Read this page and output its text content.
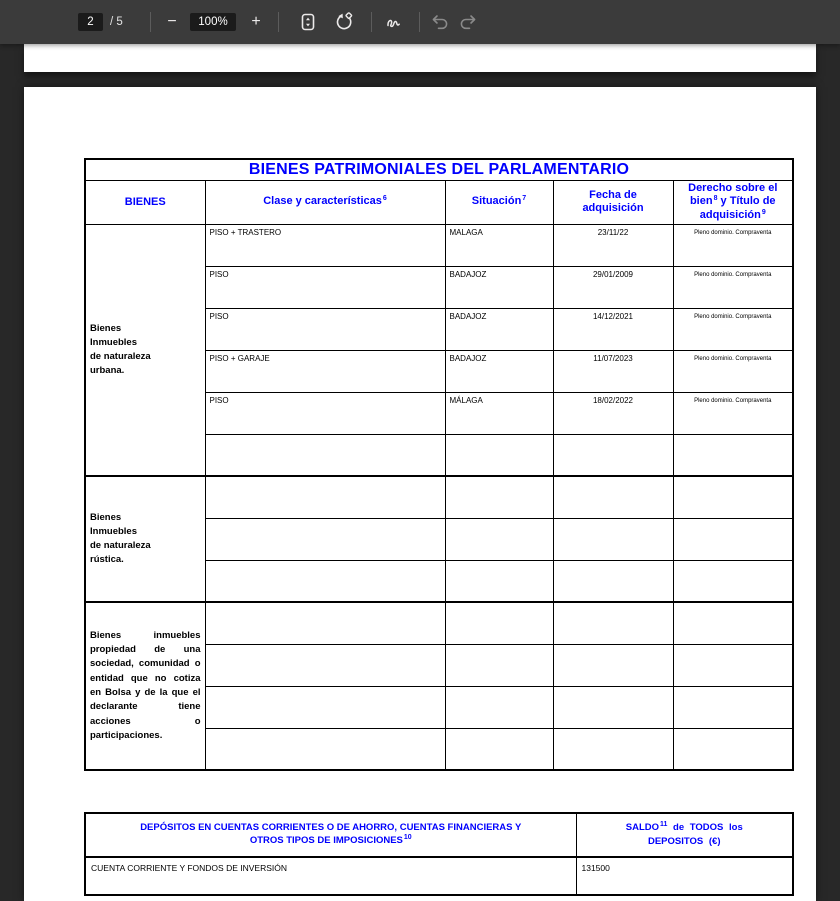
2	/ 5	−	100%	+
BIENES PATRIMONIALES DEL PARLAMENTARIO				
BIENES	Clase y características$^6$	Situación$^7$	Fecha de adquisición	Derecho sobre el bien$^8$ y Título de adquisición$^9$

Bienes
Inmuebles
de naturaleza
urbana.	PISO + TRASTERO	MALAGA	23/11/22	Pleno dominio. Compraventa
	PISO	BADAJOZ	29/01/2009	Pleno dominio. Compraventa
	PISO	BADAJOZ	14/12/2021	Pleno dominio. Compraventa
	PISO + GARAJE	BADAJOZ	11/07/2023	Pleno dominio. Compraventa
	PISO	MÁLAGA	18/02/2022	Pleno dominio. Compraventa

Bienes
Inmuebles
de naturaleza
rústica.				

Bienes inmuebles propiedad de una sociedad, comunidad o entidad que no cotiza en Bolsa y de la que el declarante tiene acciones o participaciones.				

DEPÓSITOS EN CUENTAS CORRIENTES O DE AHORRO, CUENTAS FINANCIERAS Y
OTROS TIPOS DE IMPOSICIONES$^{10}$

SALDO$^{11}$ de TODOS los
DEPOSITOS (€)

CUENTA CORRIENTE Y FONDOS DE INVERSIÓN	131500
